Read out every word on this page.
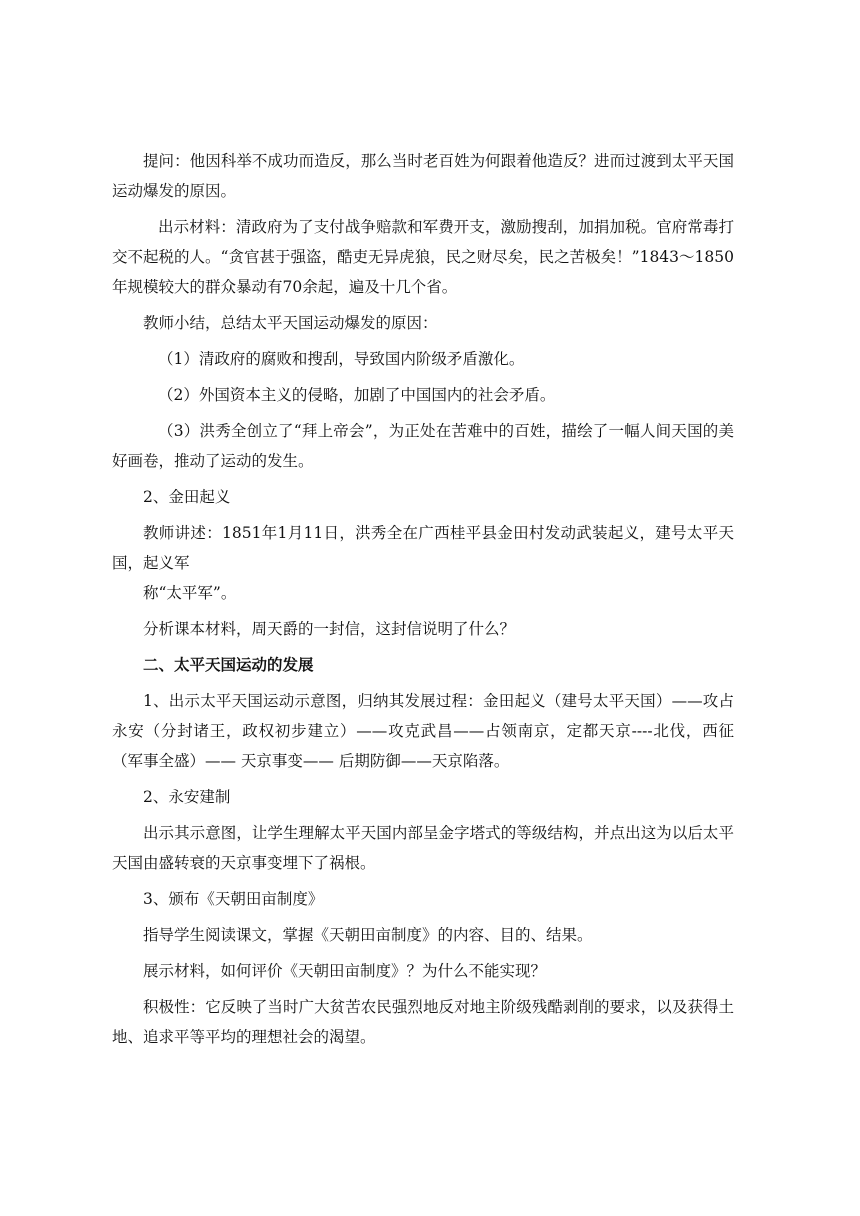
提问：他因科举不成功而造反，那么当时老百姓为何跟着他造反？进而过渡到太平天国运动爆发的原因。

出示材料：清政府为了支付战争赔款和军费开支，激励搜刮，加捐加税。官府常毒打交不起税的人。“贪官甚于强盗，酷吏无异虎狼，民之财尽矣，民之苦极矣！”1843～1850年规模较大的群众暴动有70余起，遍及十几个省。

教师小结，总结太平天国运动爆发的原因：

（1）清政府的腐败和搜刮，导致国内阶级矛盾激化。

（2）外国资本主义的侵略，加剧了中国国内的社会矛盾。

（3）洪秀全创立了“拜上帝会”，为正处在苦难中的百姓，描绘了一幅人间天国的美好画卷，推动了运动的发生。

2、金田起义

教师讲述：1851年1月11日，洪秀全在广西桂平县金田村发动武装起义，建号太平天国，起义军

称“太平军”。

分析课本材料，周天爵的一封信，这封信说明了什么？

二、太平天国运动的发展

1、出示太平天国运动示意图，归纳其发展过程：金田起义（建号太平天国）——攻占永安（分封诸王，政权初步建立）——攻克武昌——占领南京，定都天京----北伐，西征（军事全盛）—— 天京事变—— 后期防御——天京陷落。

2、永安建制

出示其示意图，让学生理解太平天国内部呈金字塔式的等级结构，并点出这为以后太平天国由盛转衰的天京事变埋下了祸根。

3、颁布《天朝田亩制度》

指导学生阅读课文，掌握《天朝田亩制度》的内容、目的、结果。

展示材料，如何评价《天朝田亩制度》？为什么不能实现？

积极性：它反映了当时广大贫苦农民强烈地反对地主阶级残酷剥削的要求，以及获得土地、追求平等平均的理想社会的渴望。
